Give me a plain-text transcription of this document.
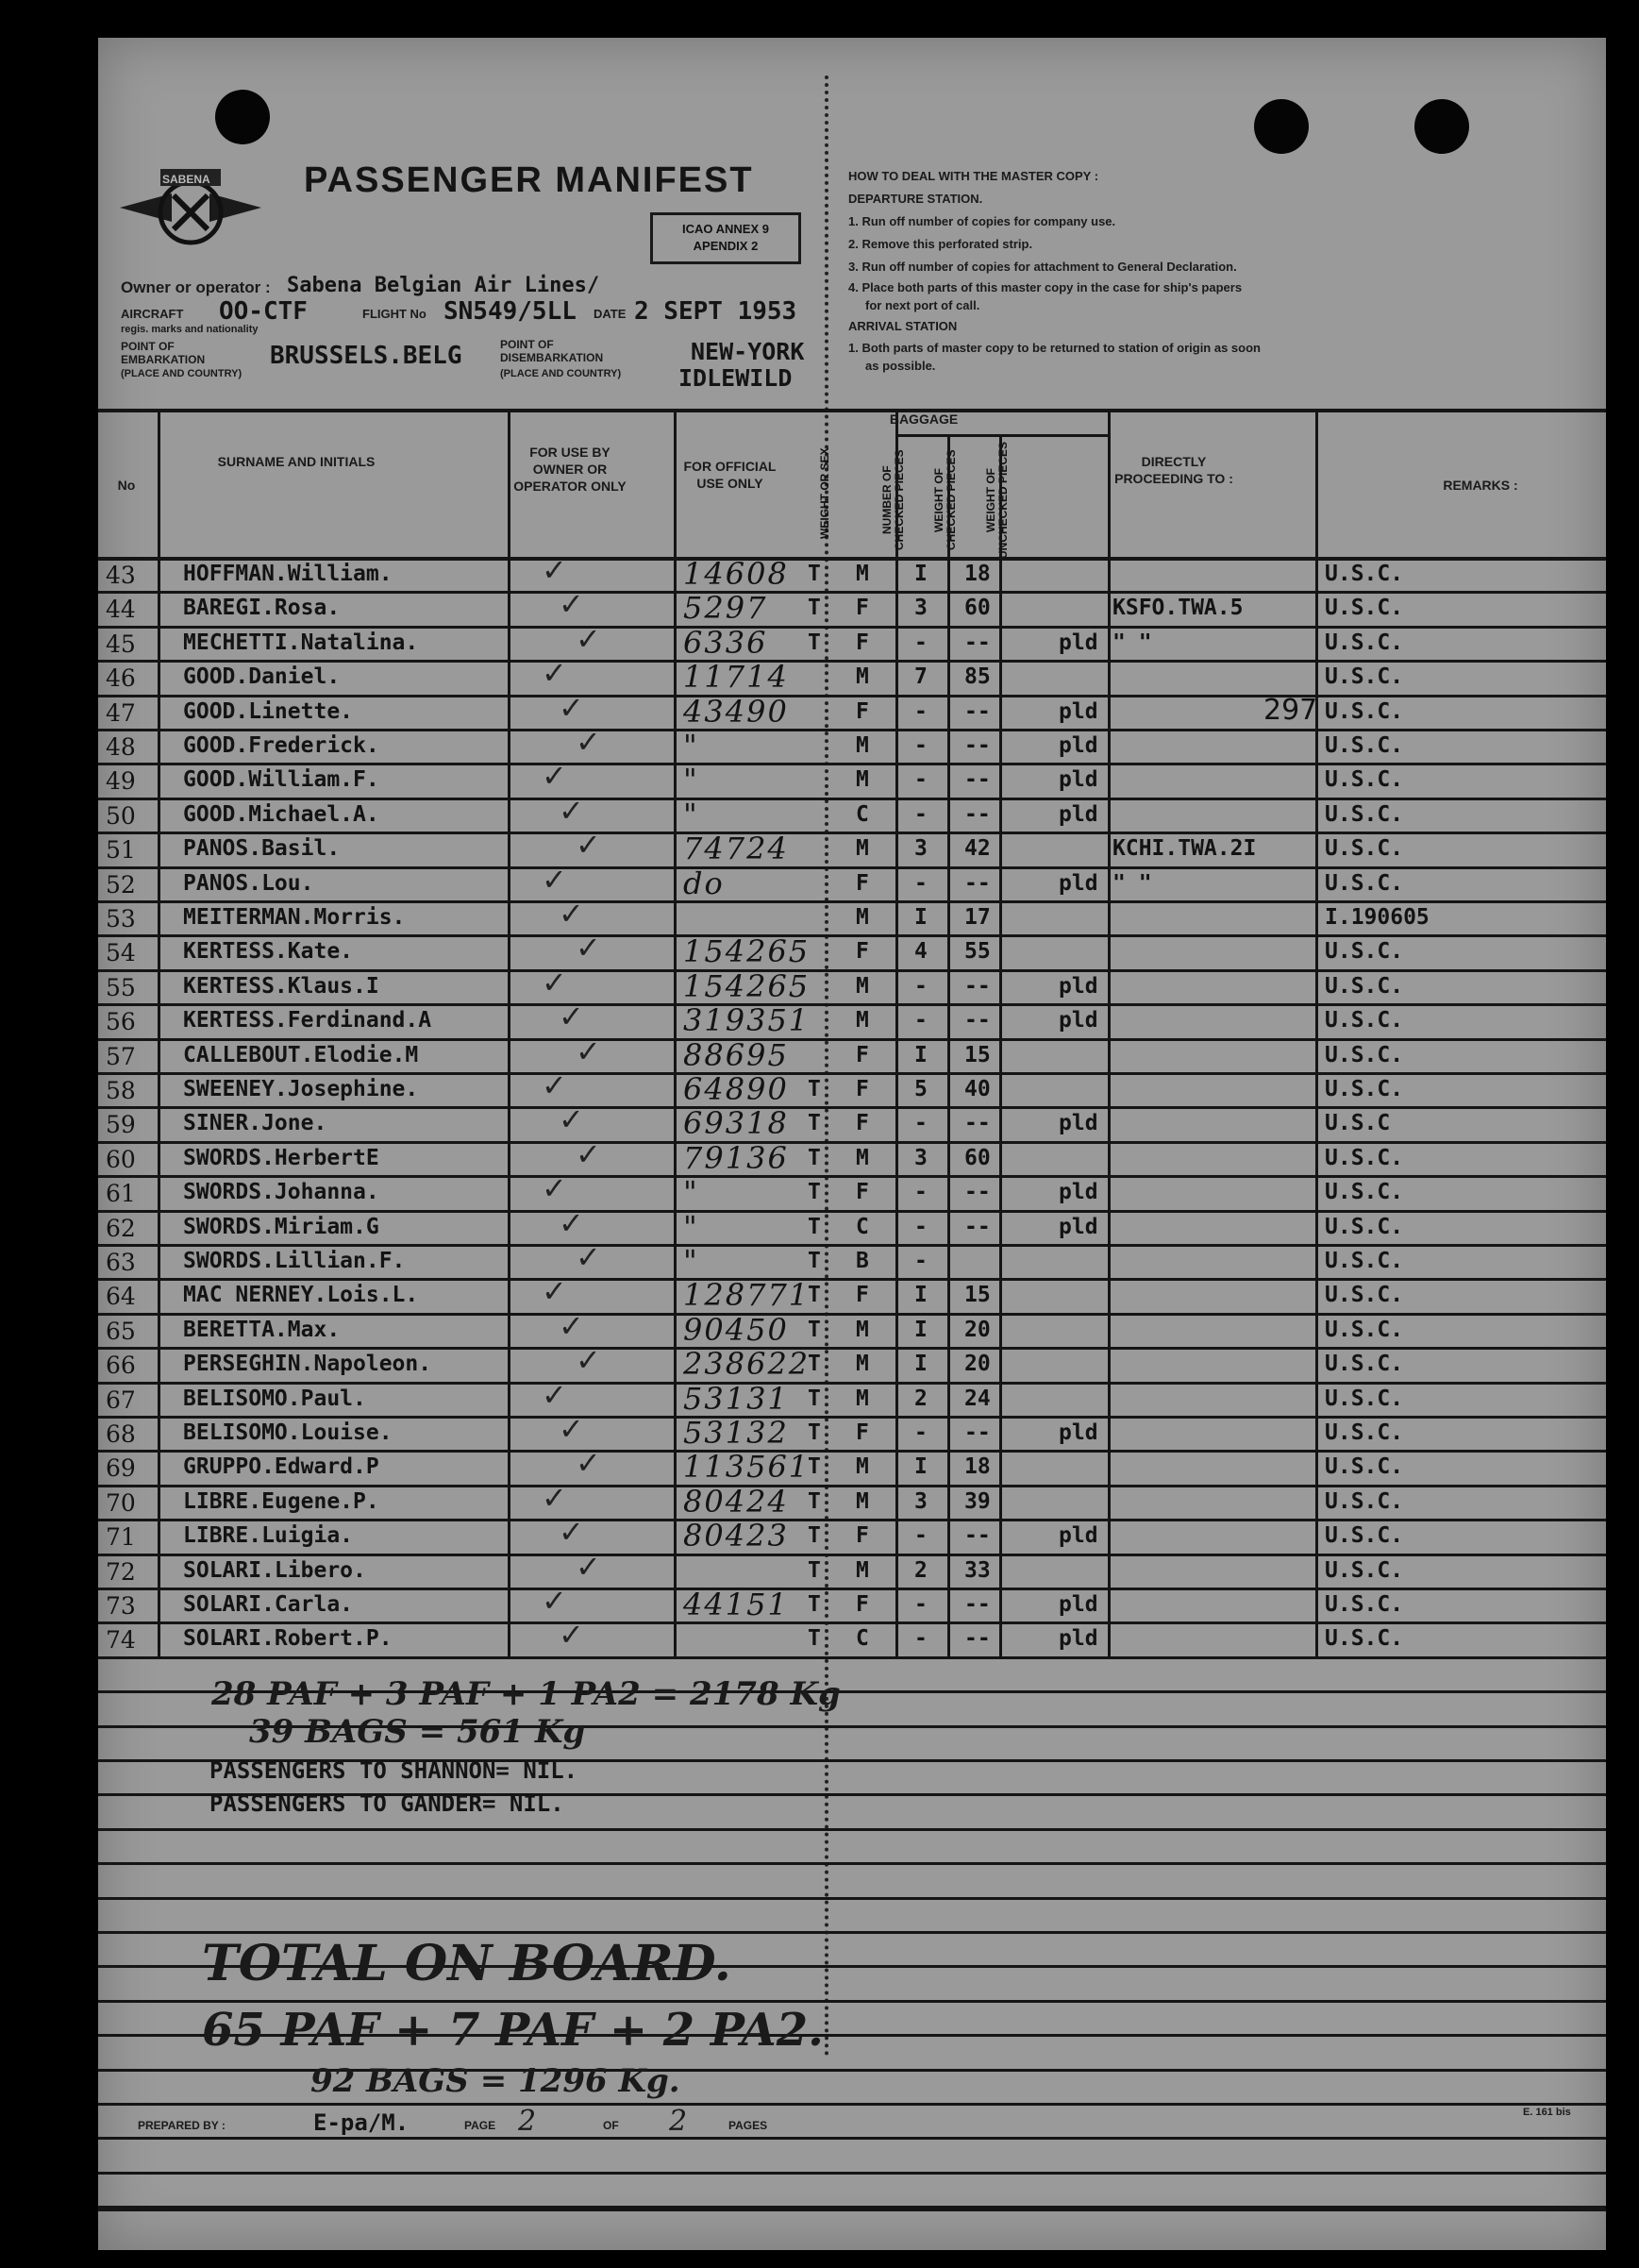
SABENA	PASSENGER MANIFEST
ICAO ANNEX 9
APENDIX 2
Owner or operator : Sabena Belgian Air Lines/
AIRCRAFT OO-CTF	FLIGHT No SN549/5LL DATE 2 SEPT 1953
regis. marks and nationality
POINT OF
EMBARKATION	BRUSSELS.BELG
(PLACE AND COUNTRY)
POINT OF
DISEMBARKATION	NEW-YORK
IDLEWILD
(PLACE AND COUNTRY)
HOW TO DEAL WITH THE MASTER COPY :
DEPARTURE STATION.
1. Run off number of copies for company use.
2. Remove this perforated strip.
3. Run off number of copies for attachment to General Declaration.
4. Place both parts of this master copy in the case for ship's papers
for next port of call.
ARRIVAL STATION
1. Both parts of master copy to be returned to station of origin as soon
as possible.
No
SURNAME AND INITIALS
FOR USE BY OWNER OR OPERATOR ONLY
FOR OFFICIAL USE ONLY	WEIGHT OR SEX
BAGGAGE
NUMBER OF CHECKED PIECES	WEIGHT OF CHECKED PIECES	WEIGHT OF UNCHECKED PIECES	DIRECTLY PROCEEDING TO :	REMARKS :
43 HOFFMAN.William.	14608 T M I 18	U.S.C.
✓
44 BAREGI.Rosa.	5297 T F 3 60	KSFO.TWA.5	U.S.C.
✓
45 MECHETTI.Natalina.	6336 T F - --	pld " "	U.S.C.
✓
46 GOOD.Daniel.	11714	M 7 85	U.S.C.
✓
47 GOOD.Linette.	43490	F - --	pld	297 U.S.C.
✓
48 GOOD.Frederick.	"	M - --	pld	U.S.C.
✓
49 GOOD.William.F.	"	M - --	pld	U.S.C.
✓
50 GOOD.Michael.A.	"	C - --	pld	U.S.C.
✓
51 PANOS.Basil.	74724	M 3 42	KCHI.TWA.2I	U.S.C.
✓
52 PANOS.Lou.	do	F - --	pld " "	U.S.C.
✓
53 MEITERMAN.Morris.	M I 17	I.190605
✓
54 KERTESS.Kate.	154265 F 4 55	U.S.C.
✓
55 KERTESS.Klaus.I	154265 M - --	pld	U.S.C.
✓
56 KERTESS.Ferdinand.A	319351 M - --	pld	U.S.C.
✓
57 CALLEBOUT.Elodie.M	88695	F I 15	U.S.C.
✓
58 SWEENEY.Josephine.	64890 T F 5 40	U.S.C.
✓
59 SINER.Jone.	69318 T F - --	pld	U.S.C
✓
60 SWORDS.HerbertE	79136 T M 3 60	U.S.C.
✓
61 SWORDS.Johanna.	"	T F - --	pld	U.S.C.
✓
62 SWORDS.Miriam.G	"	T C - --	pld	U.S.C.
✓
63 SWORDS.Lillian.F.	"	T B -	U.S.C.
✓
64 MAC NERNEY.Lois.L.	128771
T F I 15	U.S.C.
✓
65 BERETTA.Max.	90450 T M I 20	U.S.C.
✓
66 PERSEGHIN.Napoleon.	238622
T M I 20	U.S.C.
✓
67 BELISOMO.Paul.	53131 T M 2 24	U.S.C.
✓
68 BELISOMO.Louise.	53132 T F - --	pld	U.S.C.
✓
69 GRUPPO.Edward.P	113561
T M I 18	U.S.C.
✓
70 LIBRE.Eugene.P.	80424 T M 3 39	U.S.C.
✓
71 LIBRE.Luigia.	80423 T F - --	pld	U.S.C.
✓
72 SOLARI.Libero.	T M 2 33	U.S.C.
✓
73 SOLARI.Carla.	44151 T F - --	pld	U.S.C.
✓
74 SOLARI.Robert.P.	T C - --	pld	U.S.C.
✓
28 PAF + 3 PAF + 1 PA2 = 2178 Kg
39 BAGS = 561 Kg
PASSENGERS TO SHANNON= NIL.
PASSENGERS TO GANDER= NIL.
TOTAL ON BOARD.
65 PAF + 7 PAF + 2 PA2.
92 BAGS = 1296 Kg.
PREPARED BY :	E-pa/M.	PAGE 2	OF 2	PAGES
E. 161 bis
